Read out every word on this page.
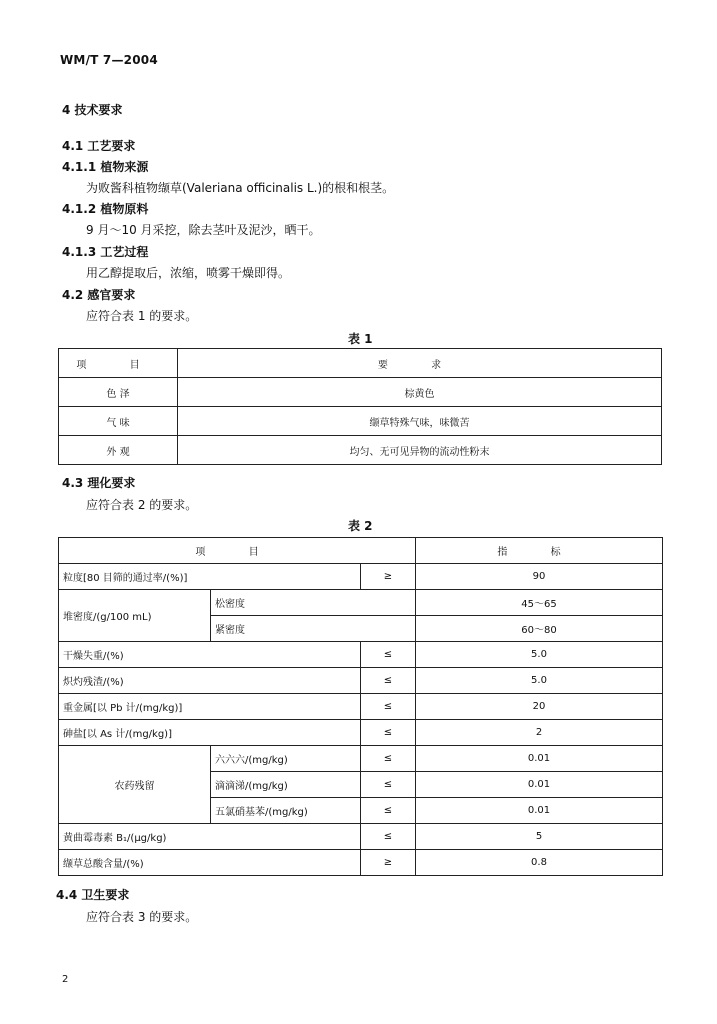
WM/T 7—2004
4 技术要求
4.1 工艺要求
4.1.1 植物来源
为败酱科植物缬草(Valeriana officinalis L.)的根和根茎。
4.1.2 植物原料
9 月～10 月采挖，除去茎叶及泥沙，晒干。
4.1.3 工艺过程
用乙醇提取后，浓缩，喷雾干燥即得。
4.2 感官要求
应符合表 1 的要求。
表 1
项 目	要 求
色 泽	棕黄色
气 味	缬草特殊气味，味微苦
外 观	均匀、无可见异物的流动性粉末
4.3 理化要求
应符合表 2 的要求。
表 2
项 目			指 标
粒度[80 目筛的通过率/(%)]		≥	90
堆密度/(g/100 mL)	松密度		45～65
	紧密度		60～80
干燥失重/(%)		≤	5.0
炽灼残渣/(%)		≤	5.0
重金属[以 Pb 计/(mg/kg)]		≤	20
砷盐[以 As 计/(mg/kg)]		≤	2
农药残留	六六六/(mg/kg)	≤	0.01
	滴滴涕/(mg/kg)	≤	0.01
	五氯硝基苯/(mg/kg)	≤	0.01
黄曲霉毒素 B₁/(μg/kg)		≤	5
缬草总酸含量/(%)		≥	0.8
4.4 卫生要求
应符合表 3 的要求。
2
